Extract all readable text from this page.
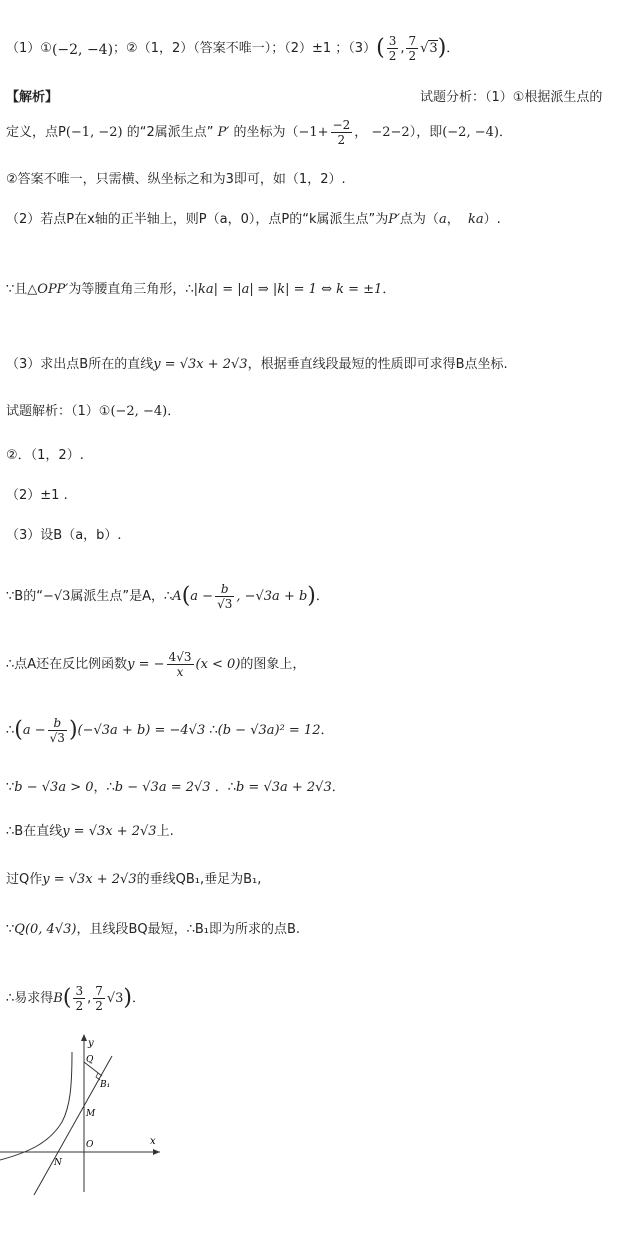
（1）①(−2, −4)；②（1，2）（答案不唯一）；（2）±1 ；$(3)( \frac{3}{2}$ , $\frac{7}{2} √3$)．
【解析】	试题分析：（1）①根据派生点的
定义，点P(−1, −2) 的“2属派生点” P′ 的坐标为（$-1+ \frac{-2}{2}$ ， −2−2），即(−2, −4)．
②答案不唯一，只需横、纵坐标之和为3即可，如（1，2）.
（2）若点P在x轴的正半轴上，则P（a，0），点P的“k属派生点”为P′点为（a，  ka）.
∵且△OPP′为等腰直角三角形，∴|ka| = |a| ⇒ |k| = 1 ⇔ k = ±1．
（3）求出点B所在的直线y = √3x + 2√3，根据垂直线段最短的性质即可求得B点坐标.
试题解析：（1）①(−2, −4)．
②．（1，2）.
（2）±1 .
（3）设B（a，b）.
∵B的“−√3属派生点”是A，∴A(a − $\frac{b}{√3}$ , −√3a + b)．
∴点A还在反比例函数y = − $\frac{4√3}{x} (x < 0)$的图象上，
∴(a − $\frac{b}{√3} )(-√3a + b) = -4√3$ ∴(b − √3a)² = 12．
∵b − √3a > 0，∴b − √3a = 2√3 ．∴b = √3a + 2√3．
∴B在直线y = √3x + 2√3上.
过Q作y = √3x + 2√3的垂线QB₁,垂足为B₁,
∵Q(0, 4√3)，且线段BQ最短，∴B₁即为所求的点B.
∴易求得$B( \frac{3}{2}$ , $\frac{7}{2} √3$)．
y
x
Q
B₁
M
O
N
